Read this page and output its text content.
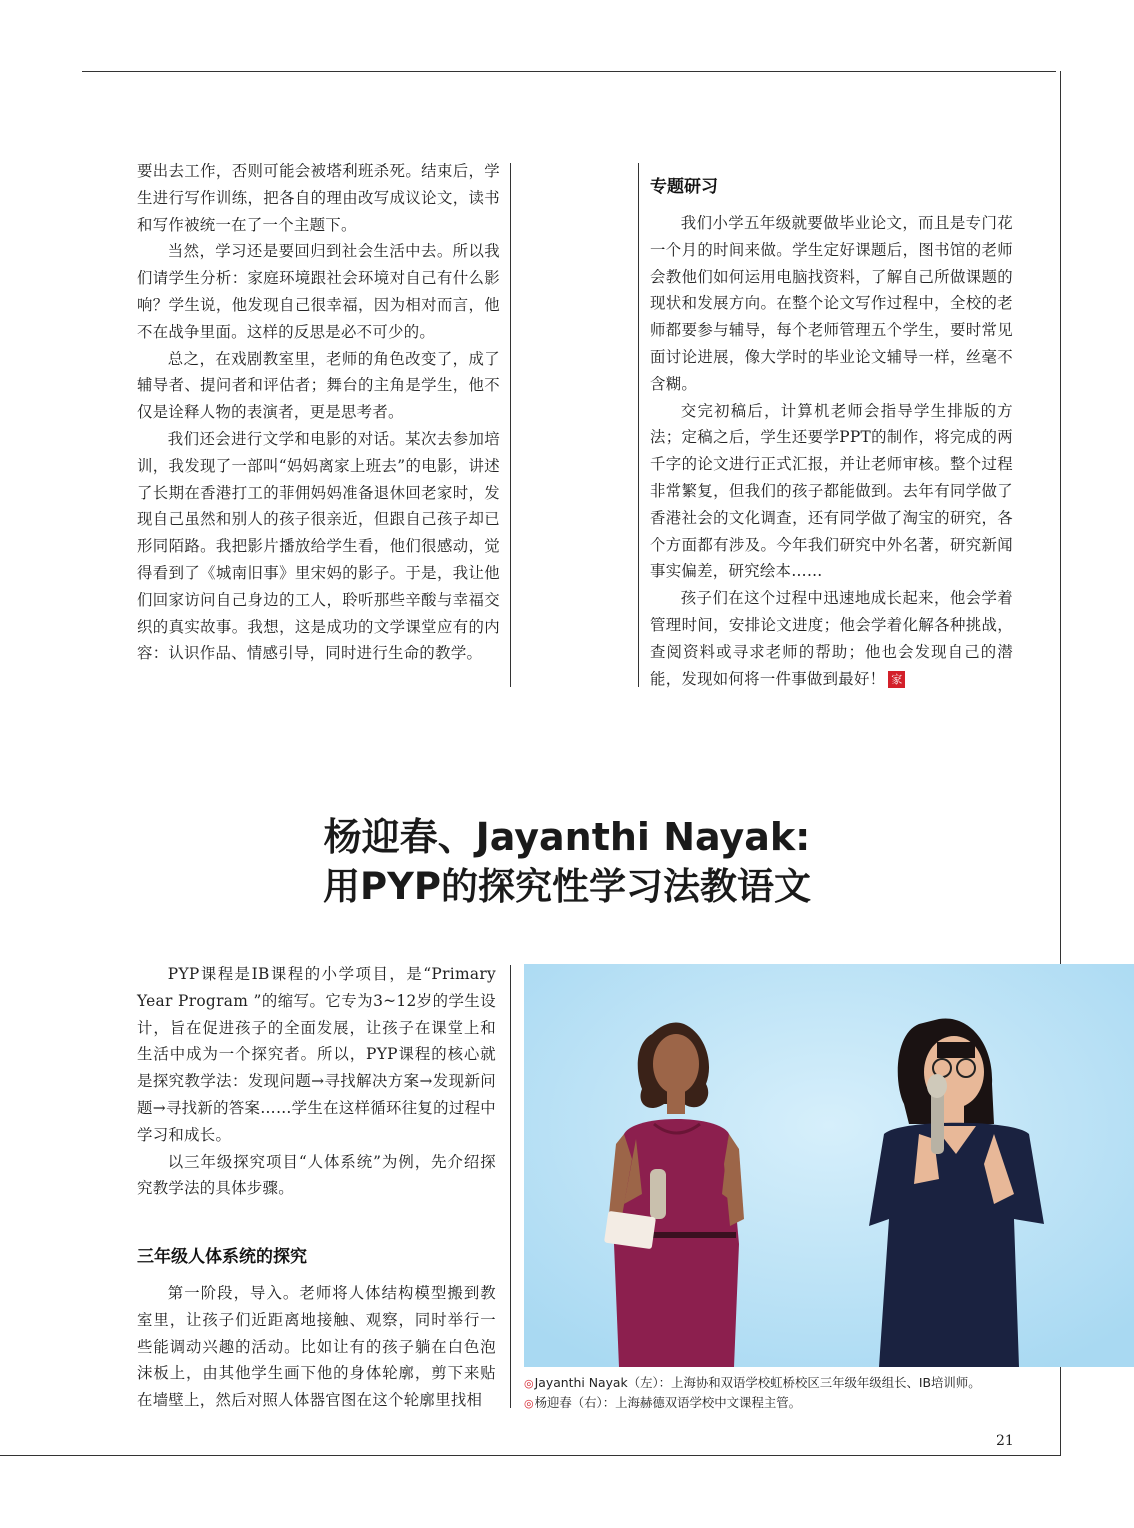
要出去工作，否则可能会被塔利班杀死。结束后，学生进行写作训练，把各自的理由改写成议论文，读书和写作被统一在了一个主题下。

当然，学习还是要回归到社会生活中去。所以我们请学生分析：家庭环境跟社会环境对自己有什么影响？学生说，他发现自己很幸福，因为相对而言，他不在战争里面。这样的反思是必不可少的。

总之，在戏剧教室里，老师的角色改变了，成了辅导者、提问者和评估者；舞台的主角是学生，他不仅是诠释人物的表演者，更是思考者。

我们还会进行文学和电影的对话。某次去参加培训，我发现了一部叫“妈妈离家上班去”的电影，讲述了长期在香港打工的菲佣妈妈准备退休回老家时，发现自己虽然和别人的孩子很亲近，但跟自己孩子却已形同陌路。我把影片播放给学生看，他们很感动，觉得看到了《城南旧事》里宋妈的影子。于是，我让他们回家访问自己身边的工人，聆听那些辛酸与幸福交织的真实故事。我想，这是成功的文学课堂应有的内容：认识作品、情感引导，同时进行生命的教学。

专题研习

我们小学五年级就要做毕业论文，而且是专门花一个月的时间来做。学生定好课题后，图书馆的老师会教他们如何运用电脑找资料，了解自己所做课题的现状和发展方向。在整个论文写作过程中，全校的老师都要参与辅导，每个老师管理五个学生，要时常见面讨论进展，像大学时的毕业论文辅导一样，丝毫不含糊。

交完初稿后，计算机老师会指导学生排版的方法；定稿之后，学生还要学PPT的制作，将完成的两千字的论文进行正式汇报，并让老师审核。整个过程非常繁复，但我们的孩子都能做到。去年有同学做了香港社会的文化调查，还有同学做了淘宝的研究，各个方面都有涉及。今年我们研究中外名著，研究新闻事实偏差，研究绘本……

孩子们在这个过程中迅速地成长起来，他会学着管理时间，安排论文进度；他会学着化解各种挑战，查阅资料或寻求老师的帮助；他也会发现自己的潜能，发现如何将一件事做到最好！ 家

杨迎春、Jayanthi Nayak:
用PYP的探究性学习法教语文

PYP课程是IB课程的小学项目，是“Primary Year Program ”的缩写。它专为3~12岁的学生设计，旨在促进孩子的全面发展，让孩子在课堂上和生活中成为一个探究者。所以，PYP课程的核心就是探究教学法：发现问题→寻找解决方案→发现新问题→寻找新的答案……学生在这样循环往复的过程中学习和成长。

以三年级探究项目“人体系统”为例，先介绍探究教学法的具体步骤。

三年级人体系统的探究

第一阶段，导入。老师将人体结构模型搬到教室里，让孩子们近距离地接触、观察，同时举行一些能调动兴趣的活动。比如让有的孩子躺在白色泡沫板上，由其他学生画下他的身体轮廓，剪下来贴在墙壁上，然后对照人体器官图在这个轮廓里找相

◎Jayanthi Nayak（左）：上海协和双语学校虹桥校区三年级年级组长、IB培训师。
◎杨迎春（右）：上海赫德双语学校中文课程主管。
21
